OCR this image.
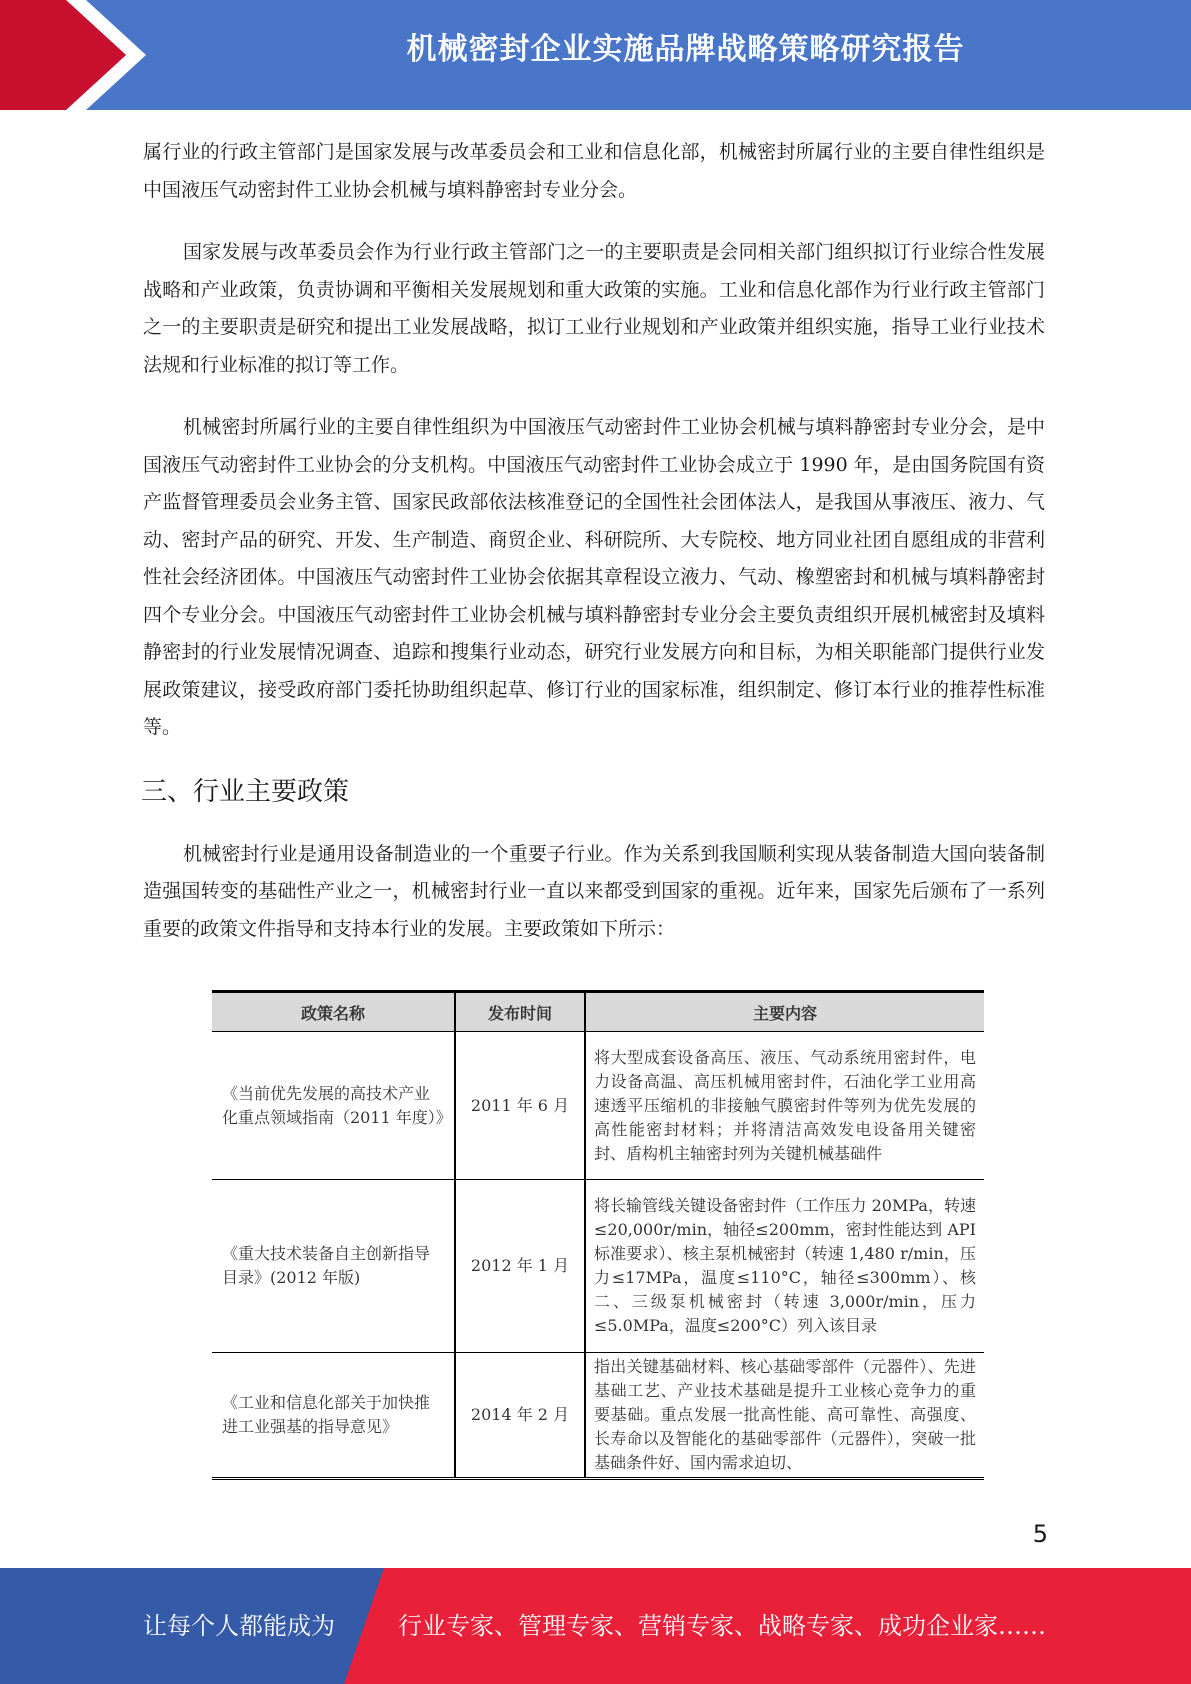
机械密封企业实施品牌战略策略研究报告

属行业的行政主管部门是国家发展与改革委员会和工业和信息化部，机械密封所属行业的主要自律性组织是中国液压气动密封件工业协会机械与填料静密封专业分会。

国家发展与改革委员会作为行业行政主管部门之一的主要职责是会同相关部门组织拟订行业综合性发展战略和产业政策，负责协调和平衡相关发展规划和重大政策的实施。工业和信息化部作为行业行政主管部门之一的主要职责是研究和提出工业发展战略，拟订工业行业规划和产业政策并组织实施，指导工业行业技术法规和行业标准的拟订等工作。

机械密封所属行业的主要自律性组织为中国液压气动密封件工业协会机械与填料静密封专业分会，是中国液压气动密封件工业协会的分支机构。中国液压气动密封件工业协会成立于 1990 年，是由国务院国有资产监督管理委员会业务主管、国家民政部依法核准登记的全国性社会团体法人，是我国从事液压、液力、气动、密封产品的研究、开发、生产制造、商贸企业、科研院所、大专院校、地方同业社团自愿组成的非营利性社会经济团体。中国液压气动密封件工业协会依据其章程设立液力、气动、橡塑密封和机械与填料静密封四个专业分会。中国液压气动密封件工业协会机械与填料静密封专业分会主要负责组织开展机械密封及填料静密封的行业发展情况调查、追踪和搜集行业动态，研究行业发展方向和目标，为相关职能部门提供行业发展政策建议，接受政府部门委托协助组织起草、修订行业的国家标准，组织制定、修订本行业的推荐性标准等。

三、行业主要政策

机械密封行业是通用设备制造业的一个重要子行业。作为关系到我国顺利实现从装备制造大国向装备制造强国转变的基础性产业之一，机械密封行业一直以来都受到国家的重视。近年来，国家先后颁布了一系列重要的政策文件指导和支持本行业的发展。主要政策如下所示：

政策名称	发布时间	主要内容
《当前优先发展的高技术产业化重点领域指南（2011 年度）》	2011 年 6 月	将大型成套设备高压、液压、气动系统用密封件，电力设备高温、高压机械用密封件，石油化学工业用高速透平压缩机的非接触气膜密封件等列为优先发展的高性能密封材料；并将清洁高效发电设备用关键密封、盾构机主轴密封列为关键机械基础件
《重大技术装备自主创新指导目录》(2012 年版)	2012 年 1 月	将长输管线关键设备密封件（工作压力 20MPa，转速≤20,000r/min，轴径≤200mm，密封性能达到 API 标准要求）、核主泵机械密封（转速 1,480 r/min，压力≤17MPa，温度≤110°C，轴径≤300mm）、核二、三级泵机械密封（转速 3,000r/min，压力≤5.0MPa，温度≤200°C）列入该目录
《工业和信息化部关于加快推进工业强基的指导意见》	2014 年 2 月	指出关键基础材料、核心基础零部件（元器件）、先进基础工艺、产业技术基础是提升工业核心竞争力的重要基础。重点发展一批高性能、高可靠性、高强度、长寿命以及智能化的基础零部件（元器件），突破一批基础条件好、国内需求迫切、
5
让每个人都能成为	行业专家、管理专家、营销专家、战略专家、成功企业家……
